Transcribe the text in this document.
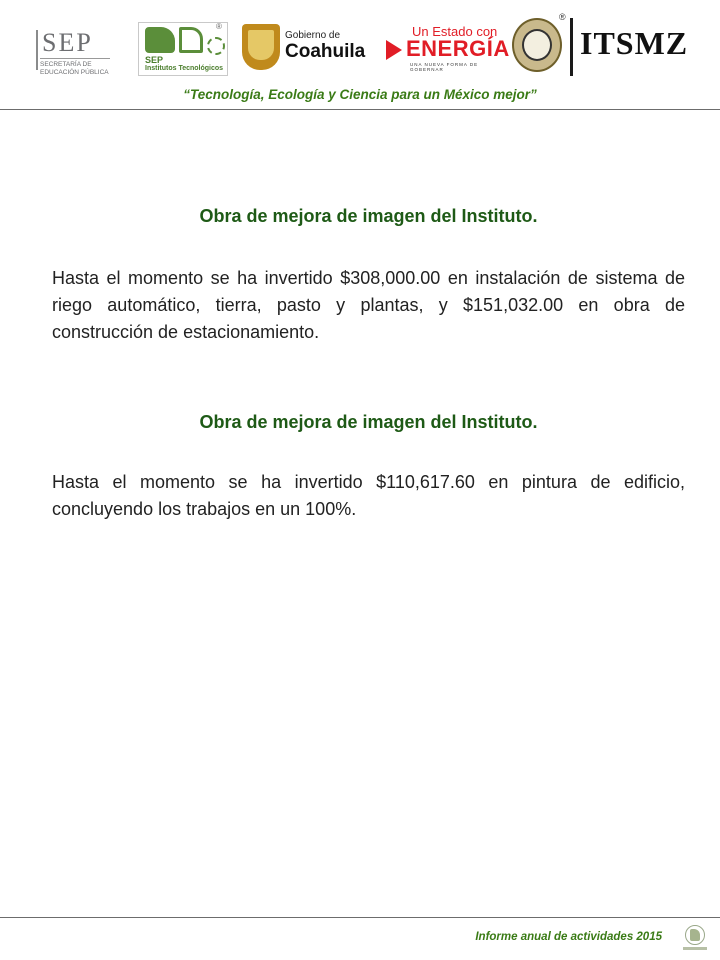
SEP
SECRETARÍA DE EDUCACIÓN PÚBLICA
SEP
Institutos Tecnológicos
®
Gobierno de
Coahuila
Un Estado con
ENERGÍA
UNA NUEVA FORMA DE GOBERNAR
®
ITSMZ
“Tecnología, Ecología y Ciencia para un México mejor”
Obra de mejora de imagen del Instituto.
Hasta el momento se ha invertido $308,000.00 en instalación de sistema de riego automático, tierra, pasto y plantas, y $151,032.00 en obra de construcción de estacionamiento.
Obra de mejora de imagen del Instituto.
Hasta el momento se ha invertido $110,617.60 en pintura de edificio, concluyendo los trabajos en un 100%.
Informe anual de actividades 2015
